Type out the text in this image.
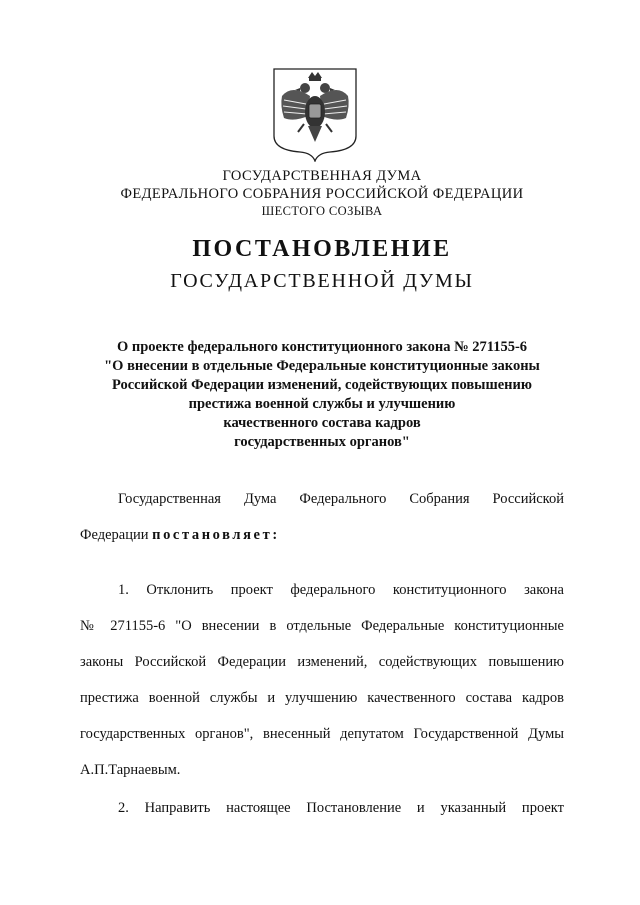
ГОСУДАРСТВЕННАЯ ДУМА
ФЕДЕРАЛЬНОГО СОБРАНИЯ РОССИЙСКОЙ ФЕДЕРАЦИИ
ШЕСТОГО СОЗЫВА
ПОСТАНОВЛЕНИЕ
ГОСУДАРСТВЕННОЙ ДУМЫ
О проекте федерального конституционного закона № 271155-6
"О внесении в отдельные Федеральные конституционные законы
Российской Федерации изменений, содействующих повышению
престижа военной службы и улучшению
качественного состава кадров
государственных органов"
Государственная Дума Федерального Собрания Российской
Федерации постановляет:
1. Отклонить проект федерального конституционного закона
№ 271155-6 "О внесении в отдельные Федеральные конституционные
законы Российской Федерации изменений, содействующих повышению
престижа военной службы и улучшению качественного состава кадров
государственных органов", внесенный депутатом Государственной Думы
А.П.Тарнаевым.
2. Направить настоящее Постановление и указанный проект
